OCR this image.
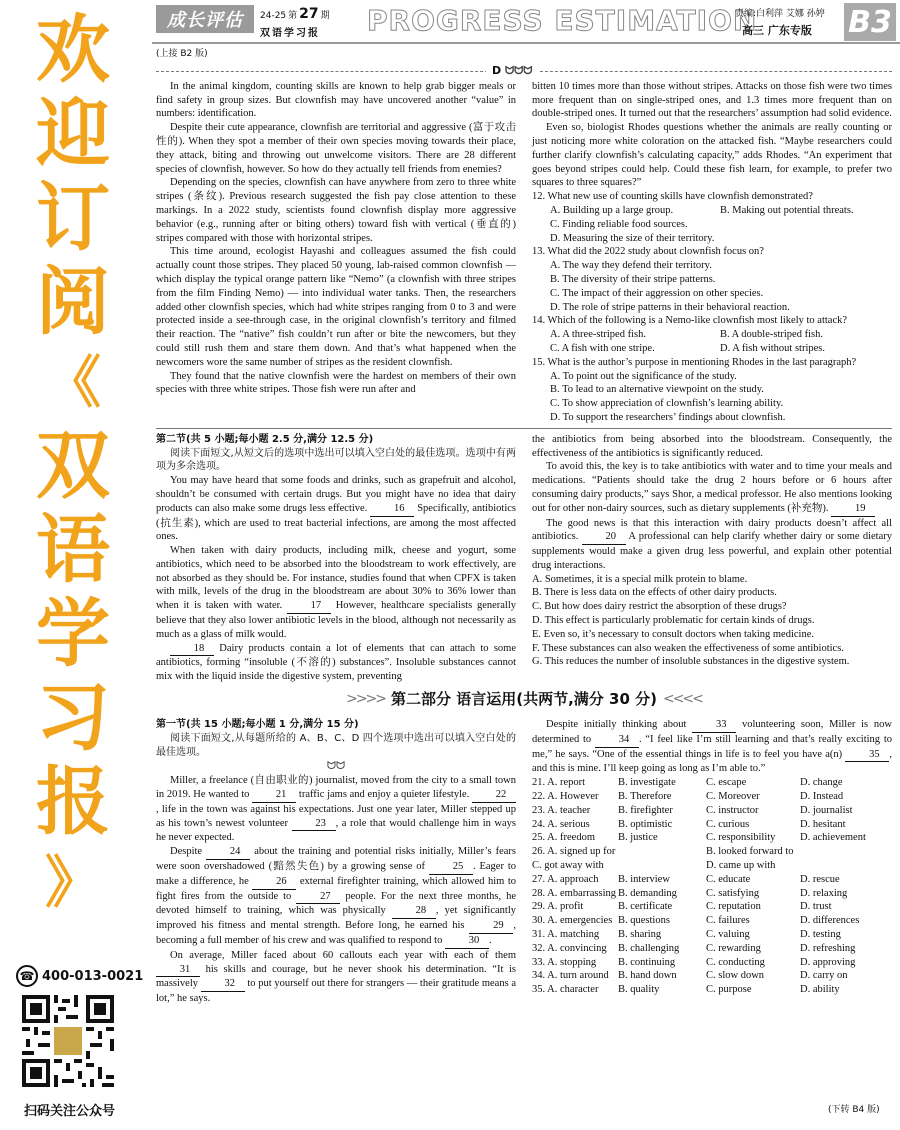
欢
迎
订
阅
《
双
语
学
习
报
》
☎ 400-013-0021
扫码关注公众号
成长评估	24-25 第 27 期
双语学习报	PROGRESS ESTIMATION
责编:白利萍 艾娜 孙婷
高三 广东专版 B3
(上接 B2 版)
D ᗢᗢᗢ

In the animal kingdom, counting skills are known to help grab bigger meals or find safety in group sizes. But clownfish may have uncovered another “value” in numbers: identification.

Despite their cute appearance, clownfish are territorial and aggressive (富于攻击性的). When they spot a member of their own species moving towards their place, they attack, biting and throwing out unwelcome visitors. There are 28 different species of clownfish, however. So how do they actually tell friends from enemies?

Depending on the species, clownfish can have anywhere from zero to three white stripes (条纹). Previous research suggested the fish pay close attention to these markings. In a 2022 study, scientists found clownfish display more aggressive behavior (e.g., running after or biting others) toward fish with vertical (垂直的) stripes compared with those with horizontal stripes.

This time around, ecologist Hayashi and colleagues assumed the fish could actually count those stripes. They placed 50 young, lab-raised common clownfish — which display the typical orange pattern like “Nemo” (a clownfish with three stripes from the film Finding Nemo) — into individual water tanks. Then, the researchers added other clownfish species, which had white stripes ranging from 0 to 3 and were protected inside a see-through case, in the original clownfish’s territory and filmed their reaction. The “native” fish couldn’t run after or bite the newcomers, but they could still rush them and stare them down. And that’s what happened when the newcomers wore the same number of stripes as the resident clownfish.

They found that the native clownfish were the hardest on members of their own species with three white stripes. Those fish were run after and

bitten 10 times more than those without stripes. Attacks on those fish were two times more frequent than on single-striped ones, and 1.3 times more frequent than on double-striped ones. It turned out that the researchers’ assumption had solid evidence.

Even so, biologist Rhodes questions whether the animals are really counting or just noticing more white coloration on the attacked fish. “Maybe researchers could further clarify clownfish’s calculating capacity,” adds Rhodes. “An experiment that goes beyond stripes could help. Could these fish learn, for example, to prefer two squares to three squares?”

12. What new use of counting skills have clownfish demonstrated?

A. Building up a large group.	B. Making out potential threats.
C. Finding reliable food sources.
D. Measuring the size of their territory.

13. What did the 2022 study about clownfish focus on?

A. The way they defend their territory.
B. The diversity of their stripe patterns.
C. The impact of their aggression on other species.
D. The role of stripe patterns in their behavioral reaction.

14. Which of the following is a Nemo-like clownfish most likely to attack?

A. A three-striped fish.	B. A double-striped fish.
C. A fish with one stripe.	D. A fish without stripes.

15. What is the author’s purpose in mentioning Rhodes in the last paragraph?

A. To point out the significance of the study.
B. To lead to an alternative viewpoint on the study.
C. To show appreciation of clownfish’s learning ability.
D. To support the researchers’ findings about clownfish.

第二节(共 5 小题;每小题 2.5 分,满分 12.5 分)

阅读下面短文,从短文后的选项中选出可以填入空白处的最佳选项。选项中有两项为多余选项。

You may have heard that some foods and drinks, such as grapefruit and alcohol, shouldn’t be consumed with certain drugs. But you might have no idea that dairy products can also make some drugs less effective.	16 Specifically, antibiotics (抗生素), which are used to treat bacterial infections, are among the most affected ones.

When taken with dairy products, including milk, cheese and yogurt, some antibiotics, which need to be absorbed into the bloodstream to work effectively, are not absorbed as they should be. For instance, studies found that when CPFX is taken with milk, levels of the drug in the bloodstream are about 30% to 36% lower than when it is taken with water.	17 However, healthcare specialists generally believe that they also lower antibiotic levels in the blood, although not necessarily as much as a glass of milk would.

18 Dairy products contain a lot of elements that can attach to some antibiotics, forming “insoluble (不溶的) substances”. Insoluble substances cannot mix with the liquid inside the digestive system, preventing

the antibiotics from being absorbed into the bloodstream. Consequently, the effectiveness of the antibiotics is significantly reduced.

To avoid this, the key is to take antibiotics with water and to time your meals and medications. “Patients should take the drug 2 hours before or 6 hours after consuming dairy products,” says Shor, a medical professor. He also mentions looking out for other non-dairy sources, such as dietary supplements (补充物).	19

The good news is that this interaction with dairy products doesn’t affect all antibiotics.	20 A professional can help clarify whether dairy or some dietary supplements would make a given drug less powerful, and explain other potential drug interactions.

A. Sometimes, it is a special milk protein to blame.

B. There is less data on the effects of other dairy products.

C. But how does dairy restrict the absorption of these drugs?

D. This effect is particularly problematic for certain kinds of drugs.

E. Even so, it’s necessary to consult doctors when taking medicine.

F. These substances can also weaken the effectiveness of some antibiotics.

G. This reduces the number of insoluble substances in the digestive system.

>>>> 第二部分 语言运用(共两节,满分 30 分) <<<<

第一节(共 15 小题;每小题 1 分,满分 15 分)

阅读下面短文,从每题所给的 A、B、C、D 四个选项中选出可以填入空白处的最佳选项。

ᗢᗢ

Miller, a freelance (自由职业的) journalist, moved from the city to a small town in 2019. He wanted to	21 traffic jams and enjoy a quieter lifestyle.	22, life in the town was against his expectations. Just one year later, Miller stepped up as his town’s newest volunteer	23 , a role that would challenge him in ways he never expected.

Despite	24 about the training and potential risks initially, Miller’s fears were soon overshadowed (黯然失色) by a growing sense of	25 . Eager to make a difference, he	26 external firefighter training, which allowed him to fight fires from the outside to	27 people. For the next three months, he devoted himself to training, which was physically	28 , yet significantly improved his fitness and mental strength. Before long, he earned his	29 , becoming a full member of his crew and was qualified to respond to	30 .

On average, Miller faced about 60 callouts each year with each of them 31 his skills and courage, but he never shook his determination. “It is massively	32 to put yourself out there for strangers — their gratitude means a lot,” he says.

Despite initially thinking about	33 volunteering soon, Miller is now determined to	34 . “I feel like I’m still learning and that’s really exciting to me,” he says. “One of the essential things in life is to feel you have a(n)	35 , and this is mine. I’ll keep going as long as I’m able to.”

21. A. report	B. investigate	C. escape	D. change
22. A. However	B. Therefore	C. Moreover	D. Instead
23. A. teacher	B. firefighter	C. instructor	D. journalist
24. A. serious	B. optimistic	C. curious	D. hesitant
25. A. freedom	B. justice	C. responsibility	D. achievement
26. A. signed up for		B. looked forward to	
C. got away with		D. came up with	
27. A. approach	B. interview	C. educate	D. rescue
28. A. embarrassing	B. demanding	C. satisfying	D. relaxing
29. A. profit	B. certificate	C. reputation	D. trust
30. A. emergencies	B. questions	C. failures	D. differences
31. A. matching	B. sharing	C. valuing	D. testing
32. A. convincing	B. challenging	C. rewarding	D. refreshing
33. A. stopping	B. continuing	C. conducting	D. approving
34. A. turn around	B. hand down	C. slow down	D. carry on
35. A. character	B. quality	C. purpose	D. ability
(下转 B4 版)
